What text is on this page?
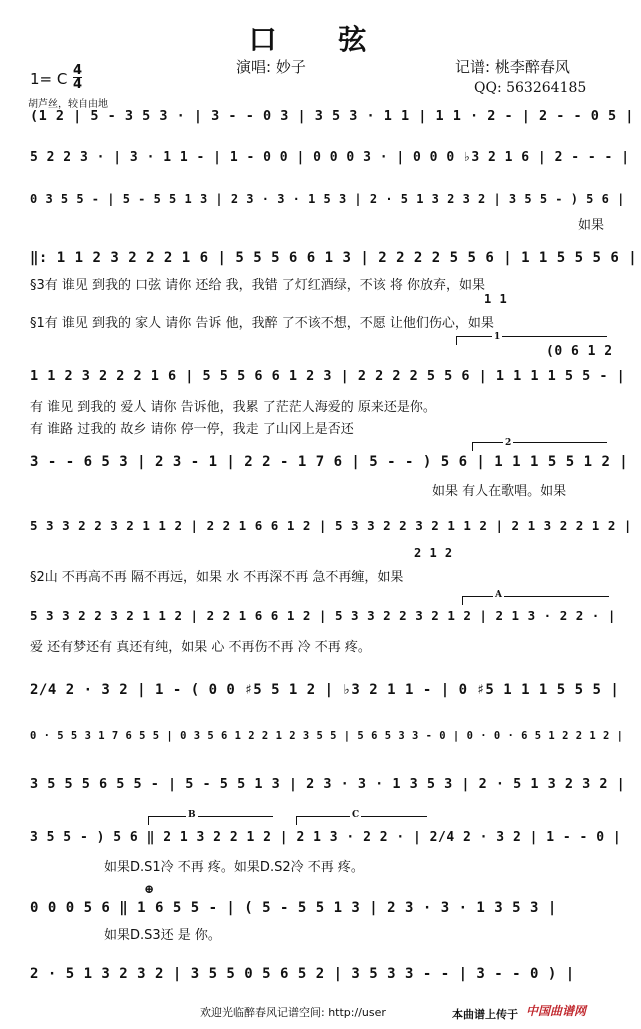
口 弦
演唱: 妙子	记谱: 桃李醉春风
QQ: 563264185
1= C 4
4
胡芦丝，较自由地
(1 2 | 5 - 3 5 3 · | 3 - - 0 3 | 3 5 3 · 1 1 | 1 1 · 2 - | 2 - - 0 5 |
5 2 2 3 · | 3 · 1 1 - | 1 - 0 0 | 0 0 0 3 · | 0 0 0 ♭3 2 1 6 | 2 - - - |
0 3 5 5 - | 5 - 5 5 1 3 | 2 3 · 3 · 1 5 3 | 2 · 5 1 3 2 3 2 | 3 5 5 - ) 5 6 |
如果
‖: 1 1 2 3 2 2 2 1 6 | 5 5 5 6 6 1 3 | 2 2 2 2 5 5 6 | 1 1 5 5 5 6 |
§3有 谁见 到我的 口弦 请你 还给 我，我错 了灯红酒绿，不该 将 你放弃，如果
1 1
§1有 谁见 到我的 家人 请你 告诉 他，我醉 了不该不想，不愿 让他们伤心，如果
1
(0 6 1 2
1 1 2 3 2 2 2 1 6 | 5 5 5 6 6 1 2 3 | 2 2 2 2 5 5 6 | 1 1 1 1 5 5 - |
有 谁见 到我的 爱人 请你 告诉他，我累 了茫茫人海爱的 原来还是你。
有 谁路 过我的 故乡 请你 停一停，我走 了山冈上是否还
2
3 - - 6 5 3 | 2 3 - 1 | 2 2 - 1 7 6 | 5 - - ) 5 6 | 1 1 1 5 5 1 2 |
如果 有人在歌唱。如果
5 3 3 2 2 3 2 1 1 2 | 2 2 1 6 6 1 2 | 5 3 3 2 2 3 2 1 1 2 | 2 1 3 2 2 1 2 |
2 1 2
§2山 不再高不再 隔不再远，如果 水 不再深不再 急不再缠，如果
A
5 3 3 2 2 3 2 1 1 2 | 2 2 1 6 6 1 2 | 5 3 3 2 2 3 2 1 2 | 2 1 3 · 2 2 · |
爱 还有梦还有 真还有纯，如果 心 不再伤不再 冷 不再 疼。
2/4 2 · 3 2 | 1 - ( 0 0 ♯5 5 1 2 | ♭3 2 1 1 - | 0 ♯5 1 1 1 5 5 5 |
0 · 5 5 3 1 7 6 5 5 | 0 3 5 6 1 2 2 1 2 3 5 5 | 5 6 5 3 3 - 0 | 0 · 0 · 6 5 1 2 2 1 2 |
3 5 5 5 6 5 5 - | 5 - 5 5 1 3 | 2 3 · 3 · 1 3 5 3 | 2 · 5 1 3 2 3 2 |
B	C
3 5 5 - ) 5 6 ‖ 2 1 3 2 2 1 2 | 2 1 3 · 2 2 · | 2/4 2 · 3 2 | 1 - - 0 |
如果D.S1冷 不再 疼。如果D.S2冷 不再 疼。
⊕
0 0 0 5 6 ‖ 1 6 5 5 - | ( 5 - 5 5 1 3 | 2 3 · 3 · 1 3 5 3 |
如果D.S3还 是 你。
2 · 5 1 3 2 3 2 | 3 5 5 0 5 6 5 2 | 3 5 3 3 - - | 3 - - 0 ) |
欢迎光临醉春风记谱空间: http://user	本曲谱上传于 中国曲谱网
